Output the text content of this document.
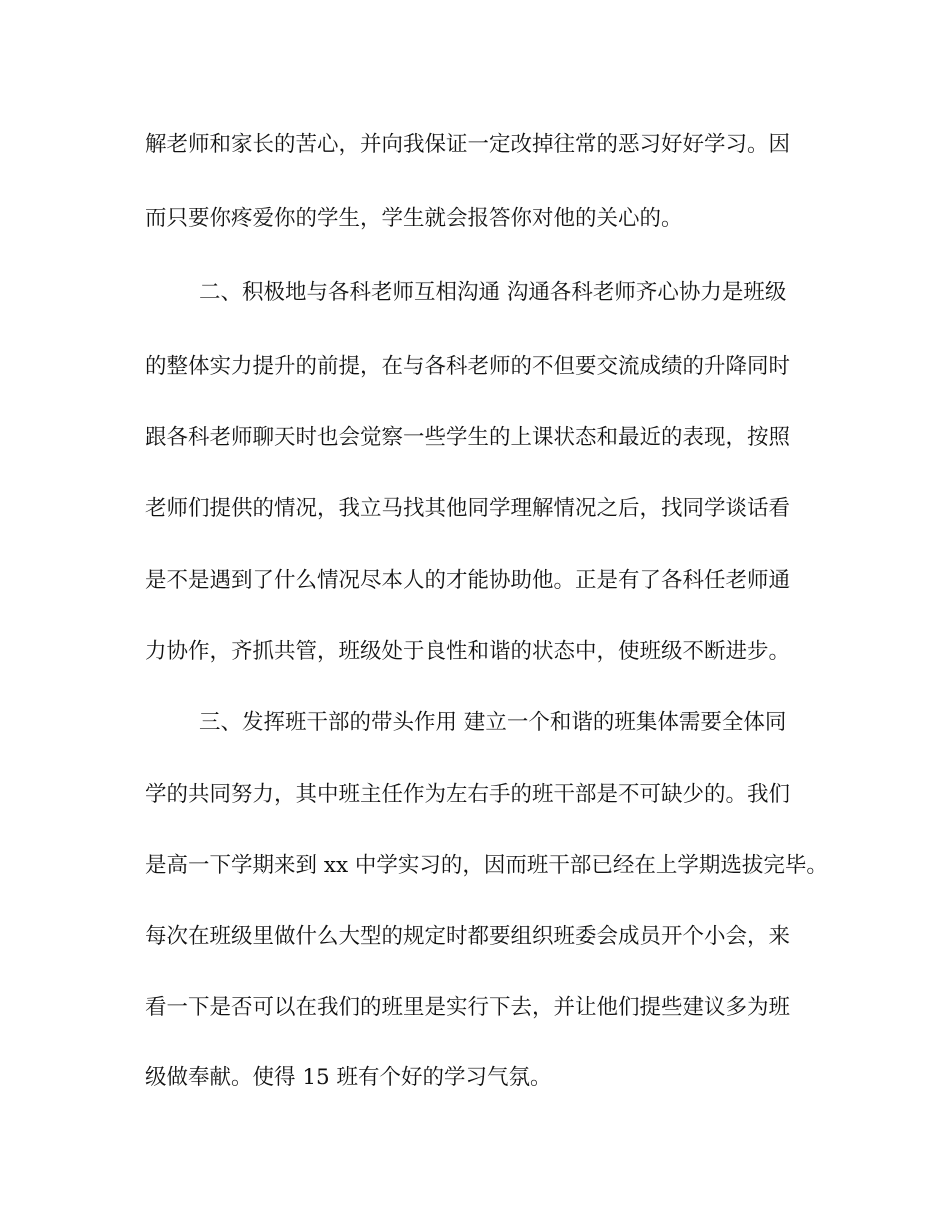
解老师和家长的苦心，并向我保证一定改掉往常的恶习好好学习。因
而只要你疼爱你的学生，学生就会报答你对他的关心的。
二、积极地与各科老师互相沟通 沟通各科老师齐心协力是班级
的整体实力提升的前提，在与各科老师的不但要交流成绩的升降同时
跟各科老师聊天时也会觉察一些学生的上课状态和最近的表现，按照
老师们提供的情况，我立马找其他同学理解情况之后，找同学谈话看
是不是遇到了什么情况尽本人的才能协助他。正是有了各科任老师通
力协作，齐抓共管，班级处于良性和谐的状态中，使班级不断进步。
三、发挥班干部的带头作用 建立一个和谐的班集体需要全体同
学的共同努力，其中班主任作为左右手的班干部是不可缺少的。我们
是高一下学期来到 xx 中学实习的，因而班干部已经在上学期选拔完毕。
每次在班级里做什么大型的规定时都要组织班委会成员开个小会，来
看一下是否可以在我们的班里是实行下去，并让他们提些建议多为班
级做奉献。使得 15 班有个好的学习气氛。
